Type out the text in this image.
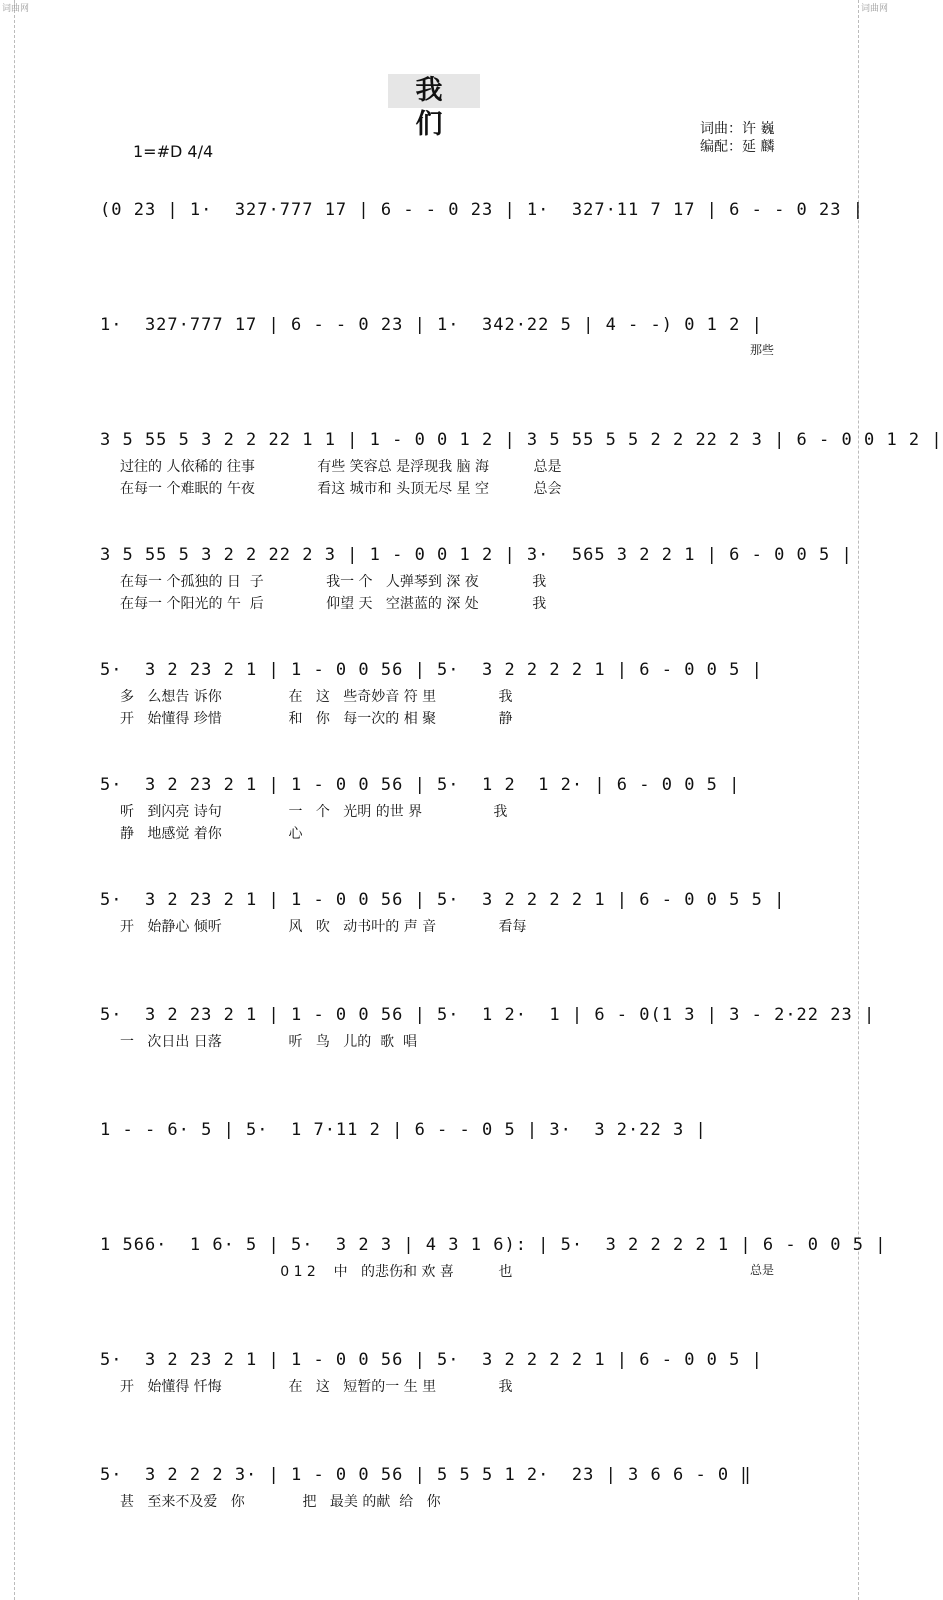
词曲网	词曲网
我 们	词曲：许 巍
编配：延 麟
1=#D 4/4
(0 23 | 1·  327·777 17 | 6 - - 0 23 | 1·  327·11 7 17 | 6 - - 0 23 |
1·  327·777 17 | 6 - - 0 23 | 1·  342·22 5 | 4 - -) 0 1 2 |
那些
3 5 55 5 3 2 2 22 1 1 | 1 - 0 0 1 2 | 3 5 55 5 5 2 2 22 2 3 | 6 - 0 0 1 2 |
过往的 人依稀的 往事              有些 笑容总 是浮现我 脑 海          总是
在每一 个难眠的 午夜              看这 城市和 头顶无尽 星 空          总会
3 5 55 5 3 2 2 22 2 3 | 1 - 0 0 1 2 | 3·  565 3 2 2 1 | 6 - 0 0 5 |
在每一 个孤独的 日  子              我一 个   人弹琴到 深 夜            我
在每一 个阳光的 午  后              仰望 天   空湛蓝的 深 处            我
5·  3 2 23 2 1 | 1 - 0 0 56 | 5·  3 2 2 2 2 1 | 6 - 0 0 5 |
多   么想告 诉你               在   这   些奇妙音 符 里              我
开   始懂得 珍惜               和   你   每一次的 相 聚              静
5·  3 2 23 2 1 | 1 - 0 0 56 | 5·  1 2  1 2· | 6 - 0 0 5 |
听   到闪亮 诗句               一   个   光明 的世 界                我
静   地感觉 着你               心
5·  3 2 23 2 1 | 1 - 0 0 56 | 5·  3 2 2 2 2 1 | 6 - 0 0 5 5 |
开   始静心 倾听               风   吹   动书叶的 声 音              看每
5·  3 2 23 2 1 | 1 - 0 0 56 | 5·  1 2·  1 | 6 - 0(1 3 | 3 - 2·22 23 |
一   次日出 日落               听   鸟   儿的  歌  唱
1 - - 6· 5 | 5·  1 7·11 2 | 6 - - 0 5 | 3·  3 2·22 3 |
1 566·  1 6· 5 | 5·  3 2 3 | 4 3 1 6): | 5·  3 2 2 2 2 1 | 6 - 0 0 5 |
0 1 2    中   的悲伤和 欢 喜          也	总是
5·  3 2 23 2 1 | 1 - 0 0 56 | 5·  3 2 2 2 2 1 | 6 - 0 0 5 |
开   始懂得 忏悔               在   这   短暂的一 生 里              我
5·  3 2 2 2 3· | 1 - 0 0 56 | 5 5 5 1 2·  23 | 3 6 6 - 0 ‖
甚   至来不及爱   你             把   最美 的献  给   你
